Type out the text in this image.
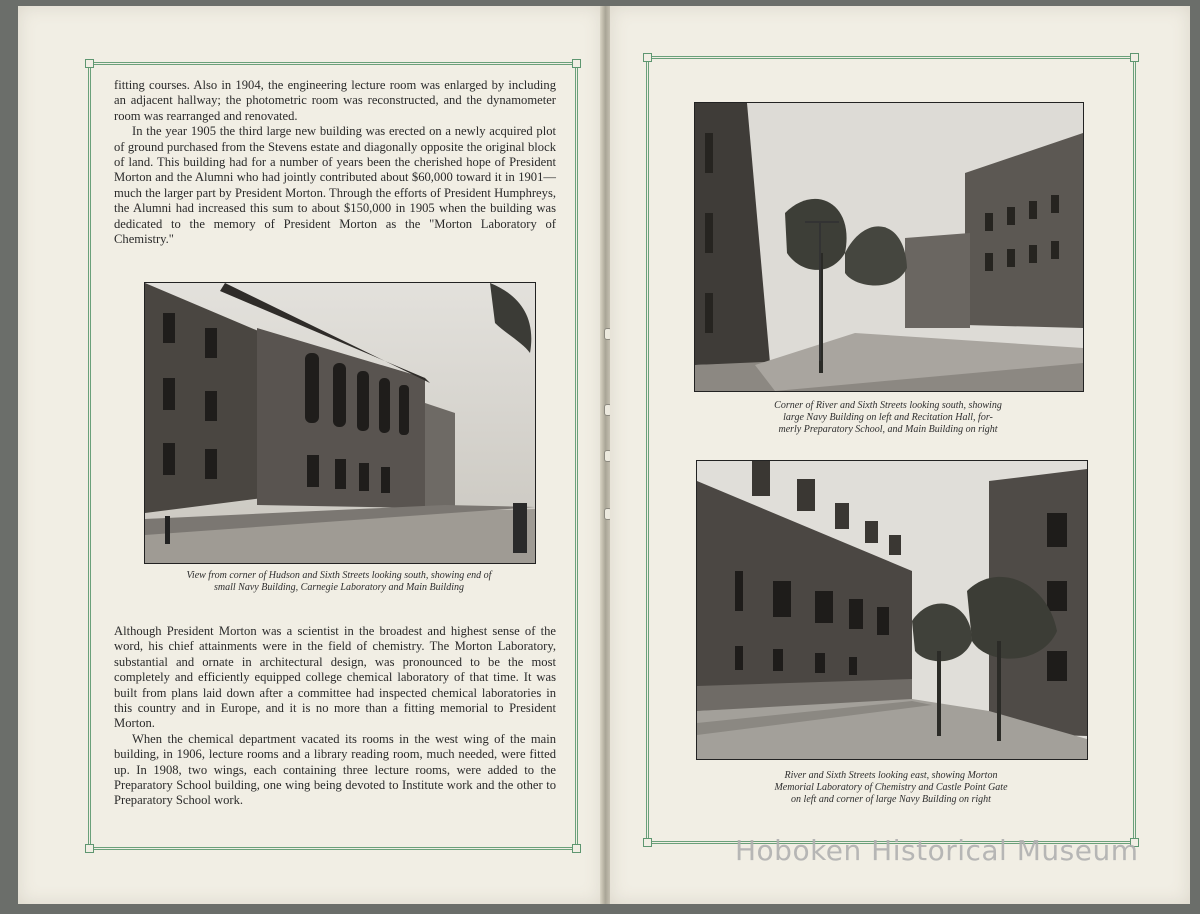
fitting courses. Also in 1904, the engineering lecture room was enlarged by including an adjacent hallway; the photometric room was reconstructed, and the dynamometer room was rearranged and renovated.

In the year 1905 the third large new building was erected on a newly acquired plot of ground purchased from the Stevens estate and diagonally opposite the original block of land. This building had for a number of years been the cherished hope of President Morton and the Alumni who had jointly contributed about $60,000 toward it in 1901—much the larger part by President Morton. Through the efforts of President Humphreys, the Alumni had increased this sum to about $150,000 in 1905 when the building was dedicated to the memory of President Morton as the "Morton Laboratory of Chemistry."

View from corner of Hudson and Sixth Streets looking south, showing end of
small Navy Building, Carnegie Laboratory and Main Building

Although President Morton was a scientist in the broadest and highest sense of the word, his chief attainments were in the field of chemistry. The Morton Laboratory, substantial and ornate in architectural design, was pronounced to be the most completely and efficiently equipped college chemical laboratory of that time. It was built from plans laid down after a committee had inspected chemical laboratories in this country and in Europe, and it is no more than a fitting memorial to President Morton.

When the chemical department vacated its rooms in the west wing of the main building, in 1906, lecture rooms and a library reading room, much needed, were fitted up. In 1908, two wings, each containing three lecture rooms, were added to the Preparatory School building, one wing being devoted to Institute work and the other to Preparatory School work.

Corner of River and Sixth Streets looking south, showing
large Navy Building on left and Recitation Hall, for-
merly Preparatory School, and Main Building on right
River and Sixth Streets looking east, showing Morton
Memorial Laboratory of Chemistry and Castle Point Gate
on left and corner of large Navy Building on right
Hoboken Historical Museum
